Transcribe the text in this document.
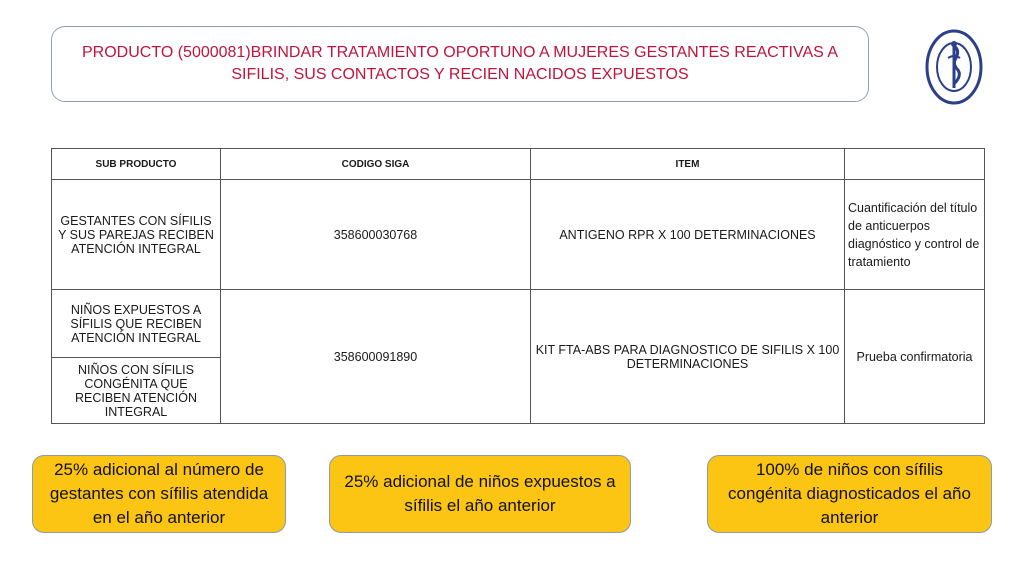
PRODUCTO (5000081)BRINDAR TRATAMIENTO OPORTUNO A MUJERES GESTANTES REACTIVAS A SIFILIS, SUS CONTACTOS Y RECIEN NACIDOS EXPUESTOS
SUB PRODUCTO	CODIGO SIGA	ITEM	
GESTANTES CON SÍFILIS Y SUS PAREJAS RECIBEN ATENCIÓN INTEGRAL	358600030768	ANTIGENO RPR X 100 DETERMINACIONES	Cuantificación del título de anticuerpos diagnóstico y control de tratamiento
NIÑOS EXPUESTOS A SÍFILIS QUE RECIBEN ATENCIÓN INTEGRAL	358600091890	KIT FTA-ABS PARA DIAGNOSTICO DE SIFILIS X 100 DETERMINACIONES	Prueba confirmatoria
NIÑOS CON SÍFILIS CONGÉNITA QUE RECIBEN ATENCIÓN INTEGRAL			
25% adicional al número de gestantes con sífilis atendida en el año anterior
25% adicional de niños expuestos a sífilis el año anterior
100% de niños con sífilis congénita diagnosticados el año anterior
